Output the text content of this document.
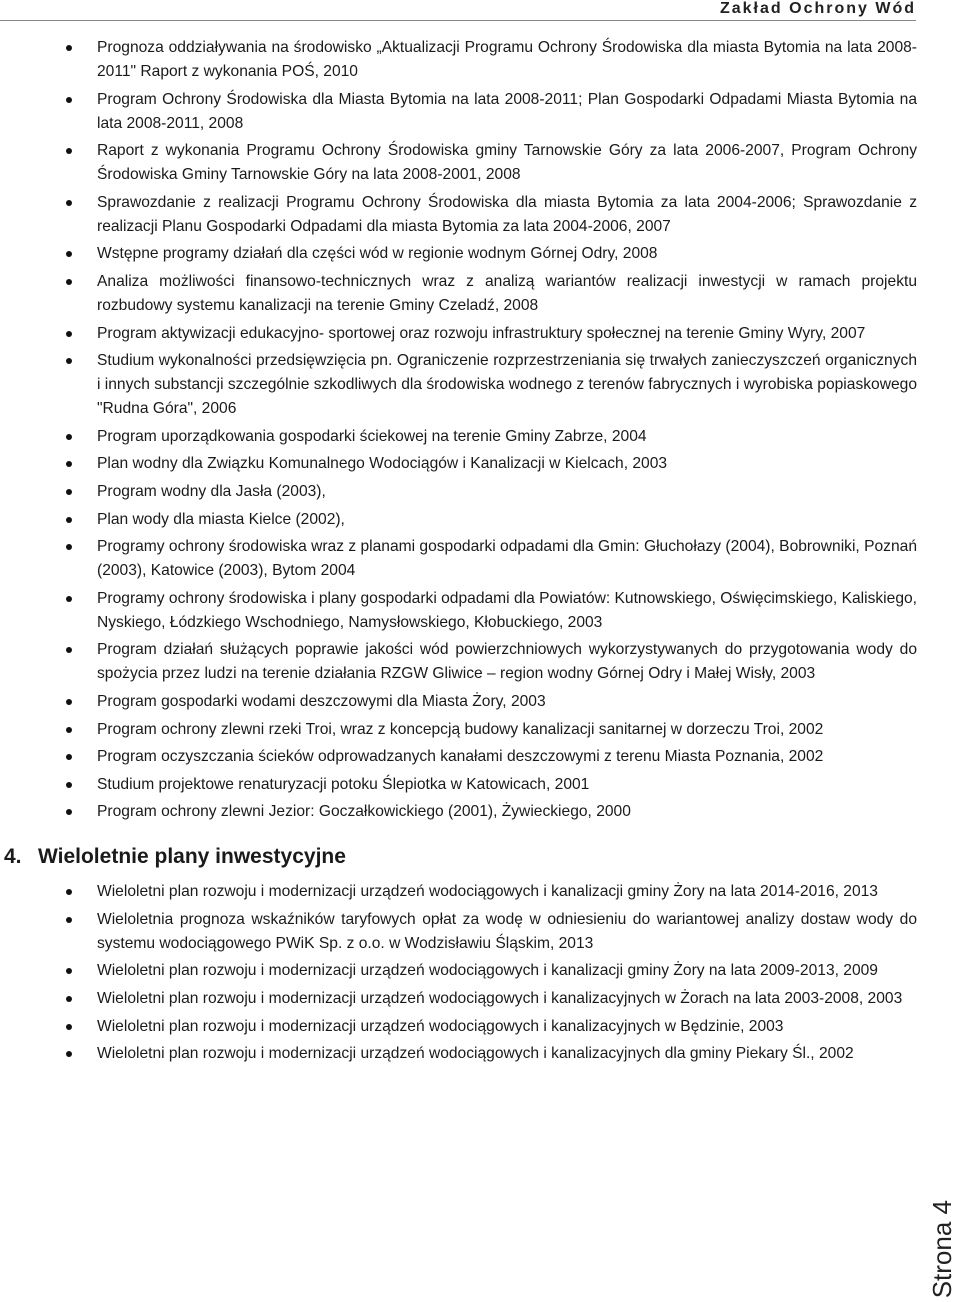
Zakład Ochrony Wód
Prognoza oddziaływania na środowisko „Aktualizacji Programu Ochrony Środowiska dla miasta Bytomia na lata 2008-2011" Raport z wykonania POŚ, 2010
Program Ochrony Środowiska dla Miasta Bytomia na lata 2008-2011; Plan Gospodarki Odpadami Miasta Bytomia na lata 2008-2011, 2008
Raport z wykonania Programu Ochrony Środowiska gminy Tarnowskie Góry za lata 2006-2007, Program Ochrony Środowiska Gminy Tarnowskie Góry na lata 2008-2001, 2008
Sprawozdanie z realizacji Programu Ochrony Środowiska dla miasta Bytomia za lata 2004-2006; Sprawozdanie z realizacji Planu Gospodarki Odpadami dla miasta Bytomia za lata 2004-2006, 2007
Wstępne programy działań dla części wód w regionie wodnym Górnej Odry, 2008
Analiza możliwości finansowo-technicznych wraz z analizą wariantów realizacji inwestycji w ramach projektu rozbudowy systemu kanalizacji na terenie Gminy Czeladź, 2008
Program aktywizacji edukacyjno- sportowej oraz rozwoju infrastruktury społecznej na terenie Gminy Wyry, 2007
Studium wykonalności przedsięwzięcia pn. Ograniczenie rozprzestrzeniania się trwałych zanieczyszczeń organicznych i innych substancji szczególnie szkodliwych dla środowiska wodnego z terenów fabrycznych i wyrobiska popiaskowego "Rudna Góra", 2006
Program uporządkowania gospodarki ściekowej na terenie Gminy Zabrze, 2004
Plan wodny dla Związku Komunalnego Wodociągów i Kanalizacji w Kielcach, 2003
Program wodny dla Jasła (2003),
Plan wody dla miasta Kielce (2002),
Programy ochrony środowiska wraz z planami gospodarki odpadami dla Gmin: Głuchołazy (2004), Bobrowniki, Poznań (2003), Katowice (2003), Bytom 2004
Programy ochrony środowiska i plany gospodarki odpadami dla Powiatów: Kutnowskiego, Oświęcimskiego, Kaliskiego, Nyskiego, Łódzkiego Wschodniego, Namysłowskiego, Kłobuckiego, 2003
Program działań służących poprawie jakości wód powierzchniowych wykorzystywanych do przygotowania wody do spożycia przez ludzi na terenie działania RZGW Gliwice – region wodny Górnej Odry i Małej Wisły, 2003
Program gospodarki wodami deszczowymi dla Miasta Żory, 2003
Program ochrony zlewni rzeki Troi, wraz z koncepcją budowy kanalizacji sanitarnej w dorzeczu Troi, 2002
Program oczyszczania ścieków odprowadzanych kanałami deszczowymi z terenu Miasta Poznania, 2002
Studium projektowe renaturyzacji potoku Ślepiotka w Katowicach, 2001
Program ochrony zlewni Jezior: Goczałkowickiego (2001), Żywieckiego, 2000
4. Wieloletnie plany inwestycyjne
Wieloletni plan rozwoju i modernizacji urządzeń wodociągowych i kanalizacji gminy Żory na lata 2014-2016, 2013
Wieloletnia prognoza wskaźników taryfowych opłat za wodę w odniesieniu do wariantowej analizy dostaw wody do systemu wodociągowego PWiK Sp. z o.o. w Wodzisławiu Śląskim, 2013
Wieloletni plan rozwoju i modernizacji urządzeń wodociągowych i kanalizacji gminy Żory na lata 2009-2013, 2009
Wieloletni plan rozwoju i modernizacji urządzeń wodociągowych i kanalizacyjnych w Żorach na lata 2003-2008, 2003
Wieloletni plan rozwoju i modernizacji urządzeń wodociągowych i kanalizacyjnych w Będzinie, 2003
Wieloletni plan rozwoju i modernizacji urządzeń wodociągowych i kanalizacyjnych dla gminy Piekary Śl., 2002
Strona 4
